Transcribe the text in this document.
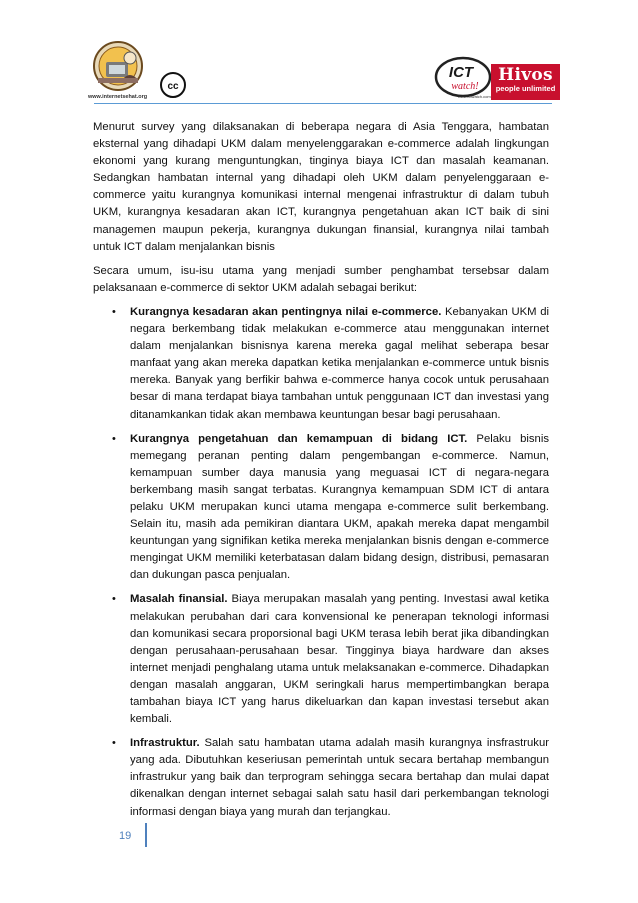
www.internetsehat.org
cc
ICT
watch!
www.ictwatch.com
Hivos
people unlimited

Menurut survey yang dilaksanakan di beberapa negara di Asia Tenggara, hambatan eksternal yang dihadapi UKM dalam menyelenggarakan e-commerce adalah lingkungan ekonomi yang kurang menguntungkan, tinginya biaya ICT dan masalah keamanan. Sedangkan hambatan internal yang dihadapi oleh UKM dalam penyelenggaraan e-commerce yaitu kurangnya komunikasi internal mengenai infrastruktur di dalam tubuh UKM, kurangnya kesadaran akan ICT, kurangnya pengetahuan akan ICT baik di sini managemen maupun pekerja, kurangnya dukungan finansial, kurangnya nilai tambah untuk ICT dalam menjalankan bisnis

Secara umum, isu-isu utama yang menjadi sumber penghambat tersebsar dalam pelaksanaan e-commerce di sektor UKM adalah sebagai berikut:

• Kurangnya kesadaran akan pentingnya nilai e-commerce. Kebanyakan UKM di negara berkembang tidak melakukan e-commerce atau menggunakan internet dalam menjalankan bisnisnya karena mereka gagal melihat seberapa besar manfaat yang akan mereka dapatkan ketika menjalankan e-commerce untuk bisnis mereka. Banyak yang berfikir bahwa e-commerce hanya cocok untuk perusahaan besar di mana terdapat biaya tambahan untuk penggunaan ICT dan investasi yang ditanamkankan tidak akan membawa keuntungan besar bagi perusahaan.
• Kurangnya pengetahuan dan kemampuan di bidang ICT. Pelaku bisnis memegang peranan penting dalam pengembangan e-commerce. Namun, kemampuan sumber daya manusia yang meguasai ICT di negara-negara berkembang masih sangat terbatas. Kurangnya kemampuan SDM ICT di antara pelaku UKM merupakan kunci utama mengapa e-commerce sulit berkembang. Selain itu, masih ada pemikiran diantara UKM, apakah mereka dapat mengambil keuntungan yang signifikan ketika mereka menjalankan bisnis dengan e-commerce mengingat UKM memiliki keterbatasan dalam bidang design, distribusi, pemasaran dan dukungan pasca penjualan.
• Masalah finansial. Biaya merupakan masalah yang penting. Investasi awal ketika melakukan perubahan dari cara konvensional ke penerapan teknologi informasi dan komunikasi secara proporsional bagi UKM terasa lebih berat jika dibandingkan dengan perusahaan-perusahaan besar. Tingginya biaya hardware dan akses internet menjadi penghalang utama untuk melaksanakan e-commerce. Dihadapkan dengan masalah anggaran, UKM seringkali harus mempertimbangkan berapa tambahan biaya ICT yang harus dikeluarkan dan kapan investasi tersebut akan kembali.
• Infrastruktur. Salah satu hambatan utama adalah masih kurangnya insfrastrukur yang ada. Dibutuhkan keseriusan pemerintah untuk secara bertahap membangun infrastrukur yang baik dan terprogram sehingga secara bertahap dan mulai dapat dikenalkan dengan internet sebagai salah satu hasil dari perkembangan teknologi informasi dengan biaya yang murah dan terjangkau.
19
